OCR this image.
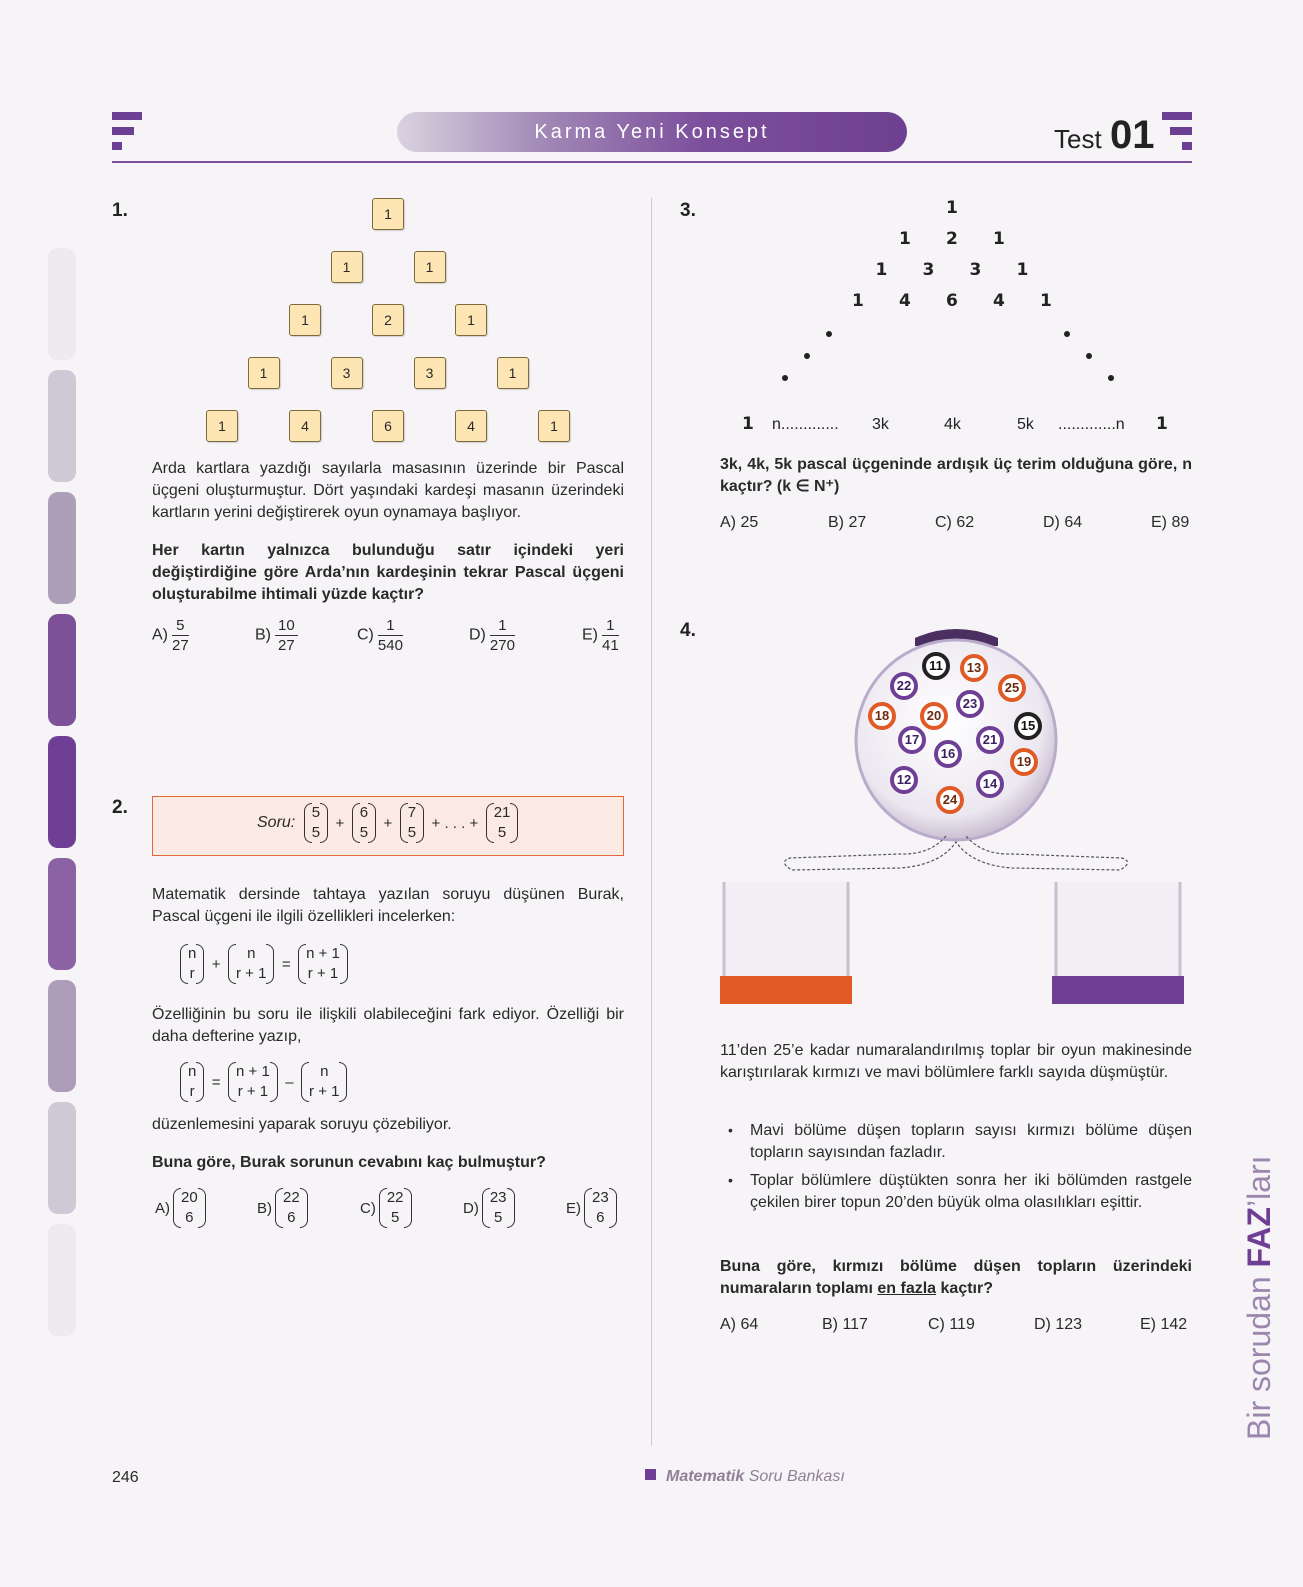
Karma Yeni Konsept	Test 01
1.	1
1	1
1	2	1
1	3	3	1
1	4	6	4	1
Arda kartlara yazdığı sayılarla masasının üzerinde bir Pascal üçgeni oluşturmuştur. Dört yaşındaki kardeşi masanın üzerindeki kartların yerini değiştirerek oyun oynamaya başlıyor.
Her kartın yalnızca bulunduğu satır içindeki yeri değiştirdiğine göre Arda’nın kardeşinin tekrar Pascal üçgeni oluşturabilme ihtimali yüzde kaçtır?
$A) \frac{5}{27}$	$B) \frac{10}{27}$	$C) \frac{1}{540}$	$D) \frac{1}{270}$	$E) \frac{1}{41}$
2.
Soru:
5
5
+
6
5
+
7
5
+ . . . +
21
5
Matematik dersinde tahtaya yazılan soruyu düşünen Burak, Pascal üçgeni ile ilgili özellikleri incelerken:
n
r
+
n
r + 1
=
n + 1
r + 1
Özelliğinin bu soru ile ilişkili olabileceğini fark ediyor. Özelliği bir daha defterine yazıp,
n
r
=
n + 1
r + 1
–
n
r + 1
düzenlemesini yaparak soruyu çözebiliyor.
Buna göre, Burak sorunun cevabını kaç bulmuştur?
A)
20
6
B)
22
6
C)
22
5
D)
23
5
E)
23
6
3.	1
1 2 1
1 3 3 1
1 4 6 4 1
1 n............. 3k	4k	5k .............n 1
3k, 4k, 5k pascal üçgeninde ardışık üç terim olduğuna göre, n kaçtır? (k ∈ N⁺)
A) 25	B) 27	C) 62	D) 64	E) 89
4.
11	13
22	25
23
18	20
15
17	21
16
19
12	14
24
11’den 25’e kadar numaralandırılmış toplar bir oyun makinesinde karıştırılarak kırmızı ve mavi bölümlere farklı sayıda düşmüştür.
• Mavi bölüme düşen topların sayısı kırmızı bölüme düşen topların sayısından fazladır.
• Toplar bölümlere düştükten sonra her iki bölümden rastgele çekilen birer topun 20’den büyük olma olasılıkları eşittir.
Buna göre, kırmızı bölüme düşen topların üzerindeki numaraların toplamı en fazla kaçtır?
A) 64	B) 117	C) 119	D) 123	E) 142
246	Matematik Soru Bankası
Bir sorudan FAZ’ları
